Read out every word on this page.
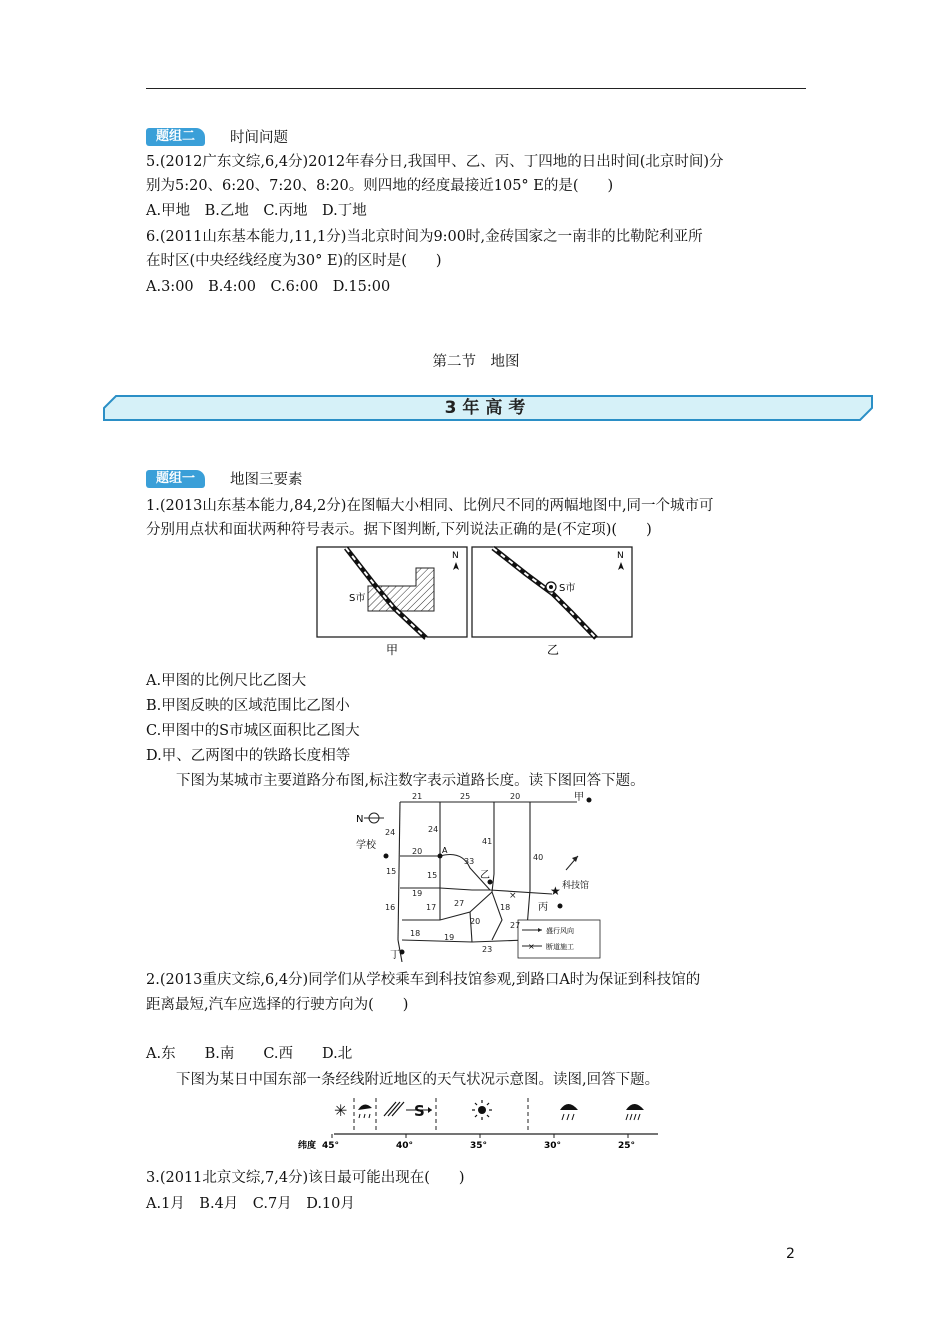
题组二	时间问题
5.(2012广东文综,6,4分)2012年春分日,我国甲、乙、丙、丁四地的日出时间(北京时间)分
别为5:20、6:20、7:20、8:20。则四地的经度最接近105° E的是(　　)
A.甲地　B.乙地　C.丙地　D.丁地
6.(2011山东基本能力,11,1分)当北京时间为9:00时,金砖国家之一南非的比勒陀利亚所
在时区(中央经线经度为30° E)的区时是(　　)
A.3:00　B.4:00　C.6:00　D.15:00
第二节　地图
3年高考
题组一	地图三要素
1.(2013山东基本能力,84,2分)在图幅大小相同、比例尺不同的两幅地图中,同一个城市可
分别用点状和面状两种符号表示。据下图判断,下列说法正确的是(不定项)(　　)
S市
N
甲
S市
N
乙
A.甲图的比例尺比乙图大
B.甲图反映的区域范围比乙图小
C.甲图中的S市城区面积比乙图大
D.甲、乙两图中的铁路长度相等
下图为某城市主要道路分布图,标注数字表示道路长度。读下图回答下题。
×	★
N
学校
甲
乙
丙
丁
A
科技馆
盛行风向
× 断道施工
21	25	20
24	24
41
20
33	40
15	15
19
27	18
16	17
20	27
18	19
23
2.(2013重庆文综,6,4分)同学们从学校乘车到科技馆参观,到路口A时为保证到科技馆的
距离最短,汽车应选择的行驶方向为(　　)
A.东　　B.南　　C.西　　D.北
下图为某日中国东部一条经线附近地区的天气状况示意图。读图,回答下题。
纬度 45°	40°	35°	30°	25°
✳	S
3.(2011北京文综,7,4分)该日最可能出现在(　　)
A.1月　B.4月　C.7月　D.10月
2
